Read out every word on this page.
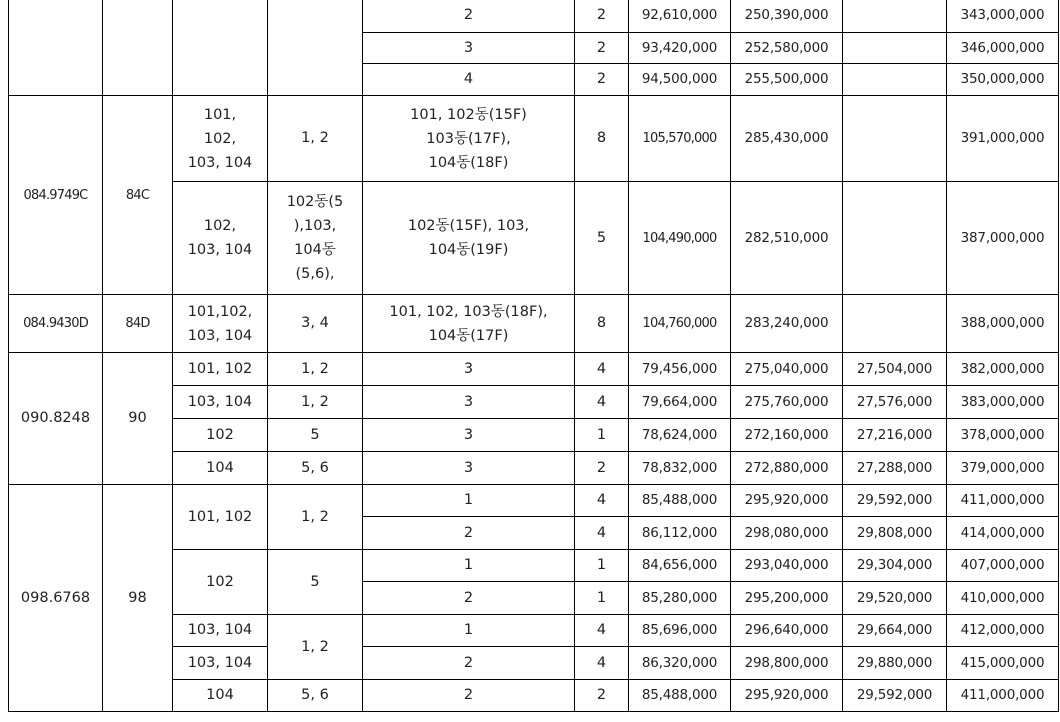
				2	2	92,610,000	250,390,000		343,000,000
				3	2	93,420,000	252,580,000		346,000,000
				4	2	94,500,000	255,500,000		350,000,000
084.9749C	84C	101,
102,
103, 104	1, 2	101, 102동(15F)
103동(17F),
104동(18F)	8	105,570,000	285,430,000		391,000,000
		102,
103, 104	102동(5
),103,
104동
(5,6),	102동(15F), 103,
104동(19F)	5	104,490,000	282,510,000		387,000,000
084.9430D	84D	101,102,
103, 104	3, 4	101, 102, 103동(18F),
104동(17F)	8	104,760,000	283,240,000		388,000,000
090.8248	90	101, 102	1, 2	3	4	79,456,000	275,040,000	27,504,000	382,000,000
		103, 104	1, 2	3	4	79,664,000	275,760,000	27,576,000	383,000,000
		102	5	3	1	78,624,000	272,160,000	27,216,000	378,000,000
		104	5, 6	3	2	78,832,000	272,880,000	27,288,000	379,000,000
098.6768	98	101, 102	1, 2	1	4	85,488,000	295,920,000	29,592,000	411,000,000
				2	4	86,112,000	298,080,000	29,808,000	414,000,000
		102	5	1	1	84,656,000	293,040,000	29,304,000	407,000,000
				2	1	85,280,000	295,200,000	29,520,000	410,000,000
		103, 104	1, 2	1	4	85,696,000	296,640,000	29,664,000	412,000,000
		103, 104		2	4	86,320,000	298,800,000	29,880,000	415,000,000
		104	5, 6	2	2	85,488,000	295,920,000	29,592,000	411,000,000
